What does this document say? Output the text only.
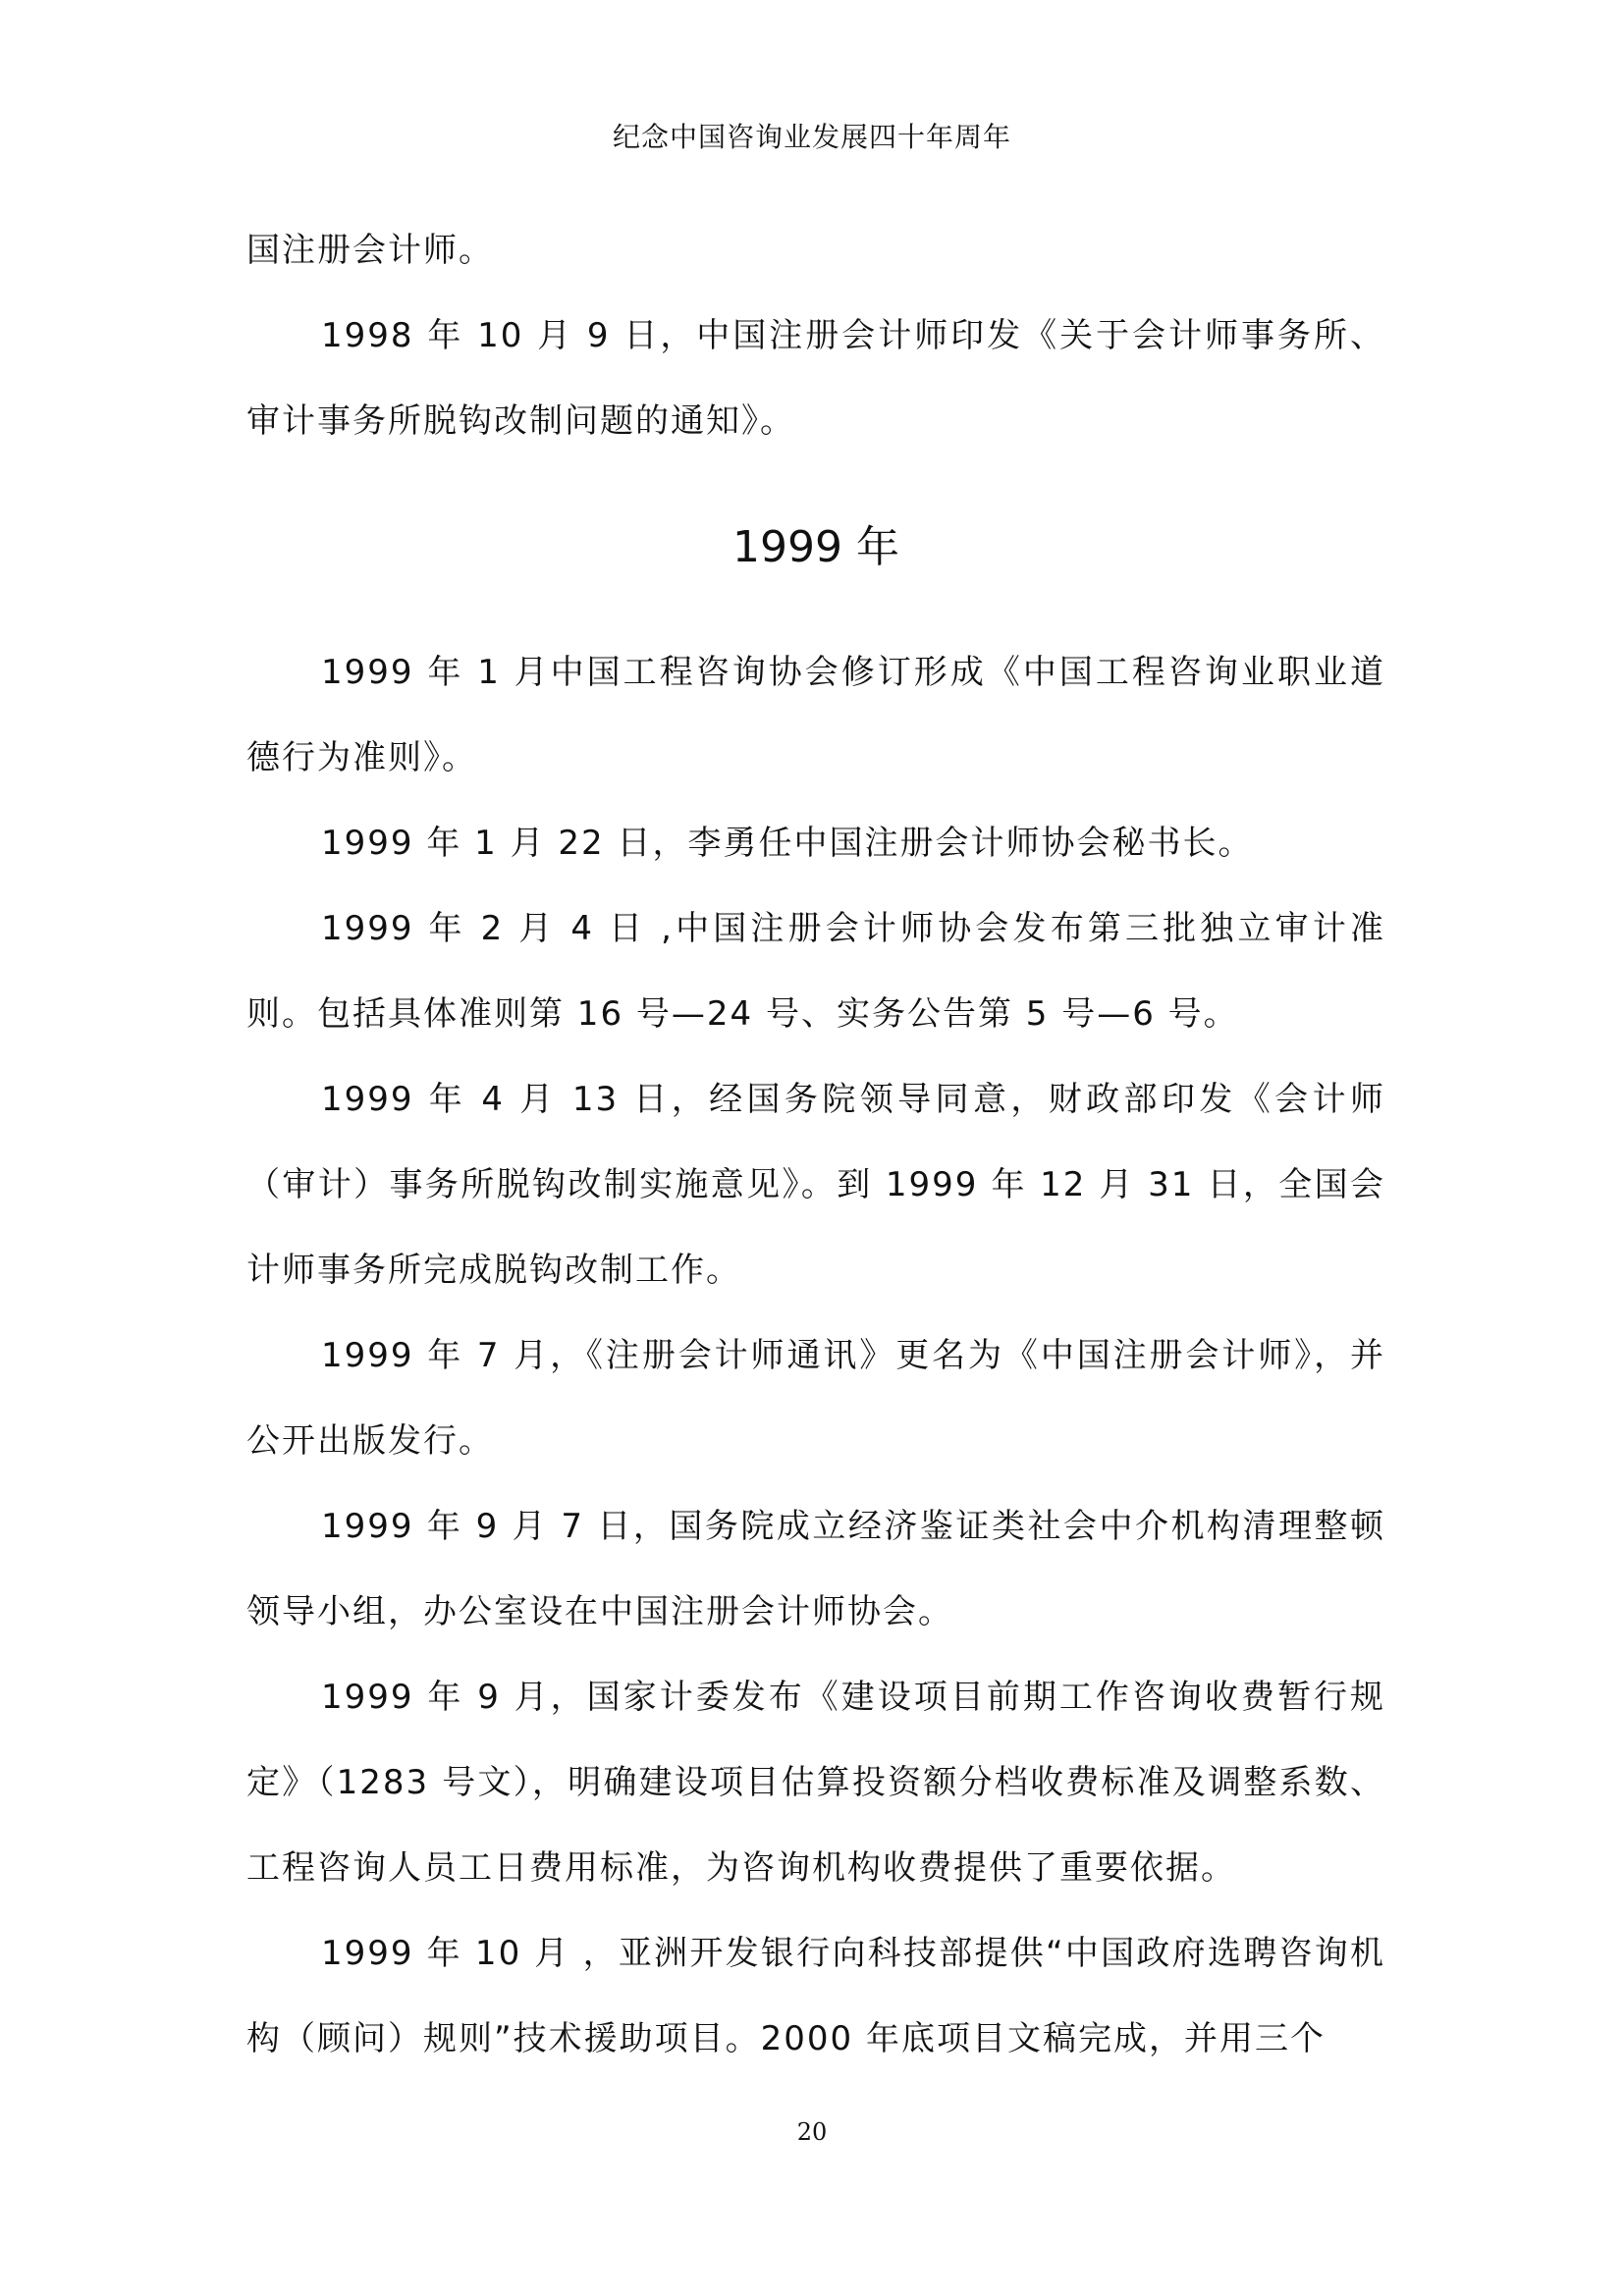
纪念中国咨询业发展四十年周年

国注册会计师。

1998 年 10 月 9 日，中国注册会计师印发《关于会计师事务所、审计事务所脱钩改制问题的通知》。

1999 年

1999 年 1 月中国工程咨询协会修订形成《中国工程咨询业职业道德行为准则》。

1999 年 1 月 22 日，李勇任中国注册会计师协会秘书长。

1999 年 2 月 4 日 ,中国注册会计师协会发布第三批独立审计准则。包括具体准则第 16 号—24 号、实务公告第 5 号—6 号。

1999 年 4 月 13 日，经国务院领导同意，财政部印发《会计师（审计）事务所脱钩改制实施意见》。到 1999 年 12 月 31 日，全国会计师事务所完成脱钩改制工作。

1999 年 7 月，《注册会计师通讯》更名为《中国注册会计师》，并公开出版发行。

1999 年 9 月 7 日，国务院成立经济鉴证类社会中介机构清理整顿领导小组，办公室设在中国注册会计师协会。

1999 年 9 月，国家计委发布《建设项目前期工作咨询收费暂行规定》（1283 号文），明确建设项目估算投资额分档收费标准及调整系数、工程咨询人员工日费用标准，为咨询机构收费提供了重要依据。

1999 年 10 月 ，亚洲开发银行向科技部提供“中国政府选聘咨询机构（顾问）规则”技术援助项目。2000 年底项目文稿完成，并用三个

20
